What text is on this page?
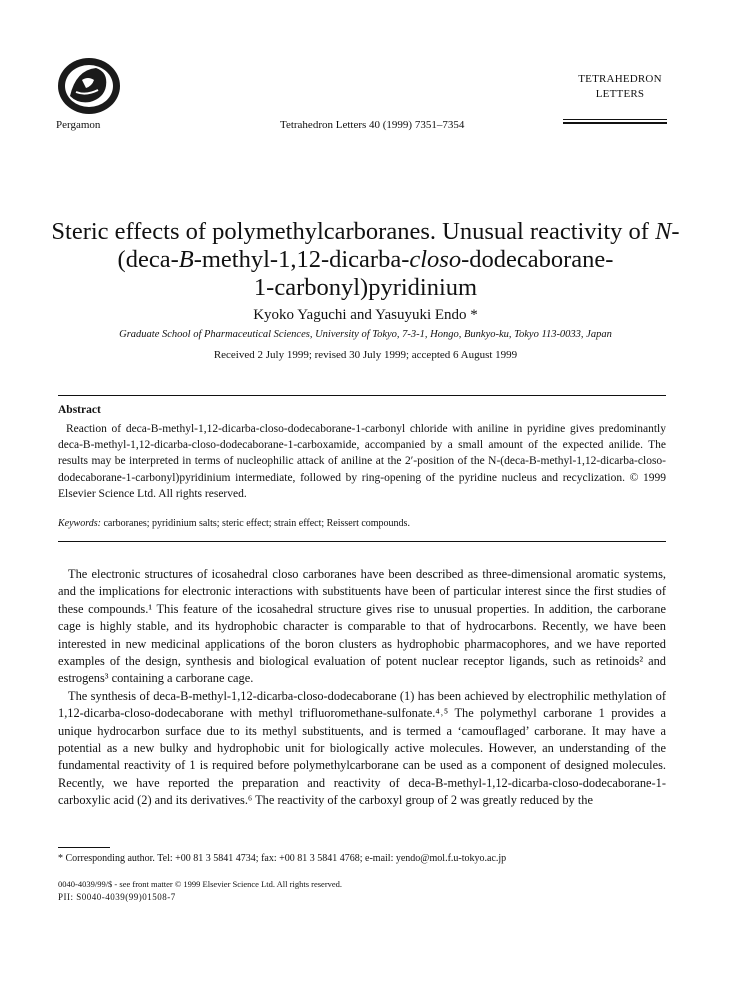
Pergamon	Tetrahedron Letters 40 (1999) 7351–7354
TETRAHEDRON
LETTERS
Steric effects of polymethylcarboranes. Unusual reactivity of N-
(deca-B-methyl-1,12-dicarba-closo-dodecaborane-
1-carbonyl)pyridinium
Kyoko Yaguchi and Yasuyuki Endo *
Graduate School of Pharmaceutical Sciences, University of Tokyo, 7-3-1, Hongo, Bunkyo-ku, Tokyo 113-0033, Japan
Received 2 July 1999; revised 30 July 1999; accepted 6 August 1999
Abstract
Reaction of deca-B-methyl-1,12-dicarba-closo-dodecaborane-1-carbonyl chloride with aniline in pyridine gives predominantly deca-B-methyl-1,12-dicarba-closo-dodecaborane-1-carboxamide, accompanied by a small amount of the expected anilide. The results may be interpreted in terms of nucleophilic attack of aniline at the 2′-position of the N-(deca-B-methyl-1,12-dicarba-closo-dodecaborane-1-carbonyl)pyridinium intermediate, followed by ring-opening of the pyridine nucleus and recyclization. © 1999 Elsevier Science Ltd. All rights reserved.
Keywords: carboranes; pyridinium salts; steric effect; strain effect; Reissert compounds.

The electronic structures of icosahedral closo carboranes have been described as three-dimensional aromatic systems, and the implications for electronic interactions with substituents have been of particular interest since the first studies of these compounds.¹ This feature of the icosahedral structure gives rise to unusual properties. In addition, the carborane cage is highly stable, and its hydrophobic character is comparable to that of hydrocarbons. Recently, we have been interested in new medicinal applications of the boron clusters as hydrophobic pharmacophores, and we have reported examples of the design, synthesis and biological evaluation of potent nuclear receptor ligands, such as retinoids² and estrogens³ containing a carborane cage.

The synthesis of deca-B-methyl-1,12-dicarba-closo-dodecaborane (1) has been achieved by electrophilic methylation of 1,12-dicarba-closo-dodecaborane with methyl trifluoromethane-sulfonate.⁴˒⁵ The polymethyl carborane 1 provides a unique hydrocarbon surface due to its methyl substituents, and is termed a ‘camouflaged’ carborane. It may have a potential as a new bulky and hydrophobic unit for biologically active molecules. However, an understanding of the fundamental reactivity of 1 is required before polymethylcarborane can be used as a component of designed molecules. Recently, we have reported the preparation and reactivity of deca-B-methyl-1,12-dicarba-closo-dodecaborane-1-carboxylic acid (2) and its derivatives.⁶ The reactivity of the carboxyl group of 2 was greatly reduced by the

* Corresponding author. Tel: +00 81 3 5841 4734; fax: +00 81 3 5841 4768; e-mail: yendo@mol.f.u-tokyo.ac.jp
0040-4039/99/$ - see front matter © 1999 Elsevier Science Ltd. All rights reserved.
PII: S0040-4039(99)01508-7
